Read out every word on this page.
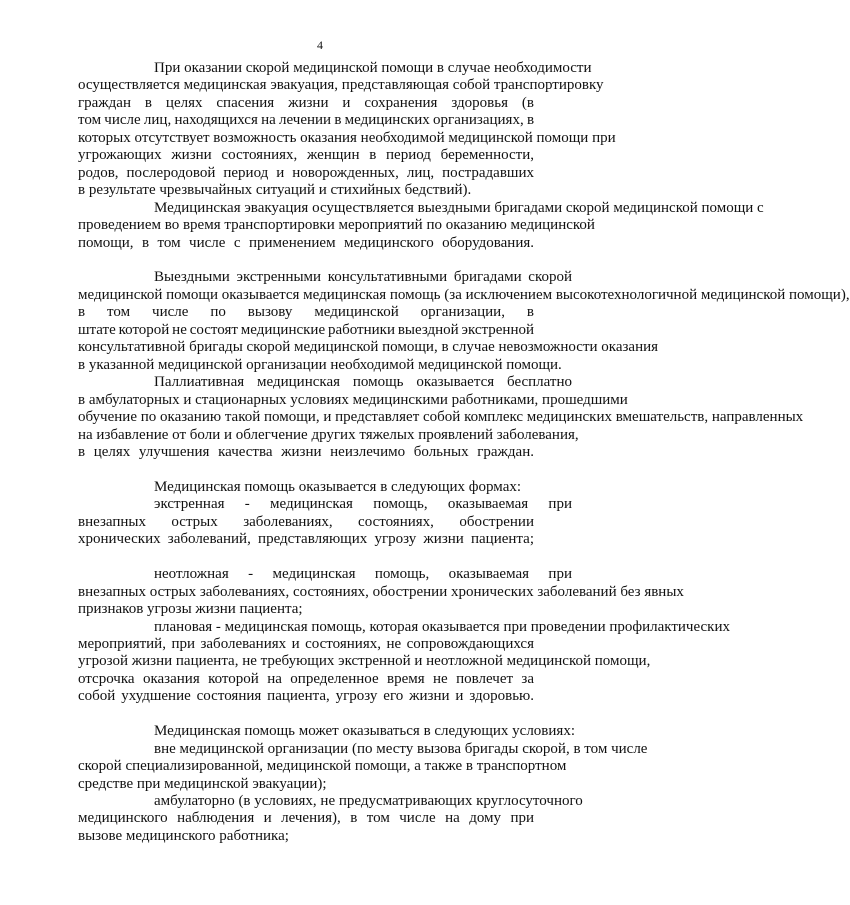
4

При оказании скорой медицинской помощи в случае необходимости
осуществляется медицинская эвакуация, представляющая собой транспортировку
граждан в целях спасения жизни и сохранения здоровья (в
том числе лиц, находящихся на лечении в медицинских организациях, в
которых отсутствует возможность оказания необходимой медицинской помощи при
угрожающих жизни состояниях, женщин в период беременности,
родов, послеродовой период и новорожденных, лиц, пострадавших
в результате чрезвычайных ситуаций и стихийных бедствий).

Медицинская эвакуация осуществляется выездными бригадами скорой медицинской помощи с
проведением во время транспортировки мероприятий по оказанию медицинской
помощи, в том числе с применением медицинского оборудования.

Выездными экстренными консультативными бригадами скорой
медицинской помощи оказывается медицинская помощь (за исключением высокотехнологичной медицинской помощи),
в том числе по вызову медицинской организации, в
штате которой не состоят медицинские работники выездной экстренной
консультативной бригады скорой медицинской помощи, в случае невозможности оказания
в указанной медицинской организации необходимой медицинской помощи.

Паллиативная медицинская помощь оказывается бесплатно
в амбулаторных и стационарных условиях медицинскими работниками, прошедшими
обучение по оказанию такой помощи, и представляет собой комплекс медицинских вмешательств, направленных
на избавление от боли и облегчение других тяжелых проявлений заболевания,
в целях улучшения качества жизни неизлечимо больных граждан.

Медицинская помощь оказывается в следующих формах:

экстренная - медицинская помощь, оказываемая при
внезапных острых заболеваниях, состояниях, обострении
хронических заболеваний, представляющих угрозу жизни пациента;

неотложная - медицинская помощь, оказываемая при
внезапных острых заболеваниях, состояниях, обострении хронических заболеваний без явных
признаков угрозы жизни пациента;

плановая - медицинская помощь, которая оказывается при проведении профилактических
мероприятий, при заболеваниях и состояниях, не сопровождающихся
угрозой жизни пациента, не требующих экстренной и неотложной медицинской помощи,
отсрочка оказания которой на определенное время не повлечет за
собой ухудшение состояния пациента, угрозу его жизни и здоровью.

Медицинская помощь может оказываться в следующих условиях:

вне медицинской организации (по месту вызова бригады скорой, в том числе
скорой специализированной, медицинской помощи, а также в транспортном
средстве при медицинской эвакуации);

амбулаторно (в условиях, не предусматривающих круглосуточного
медицинского наблюдения и лечения), в том числе на дому при
вызове медицинского работника;
